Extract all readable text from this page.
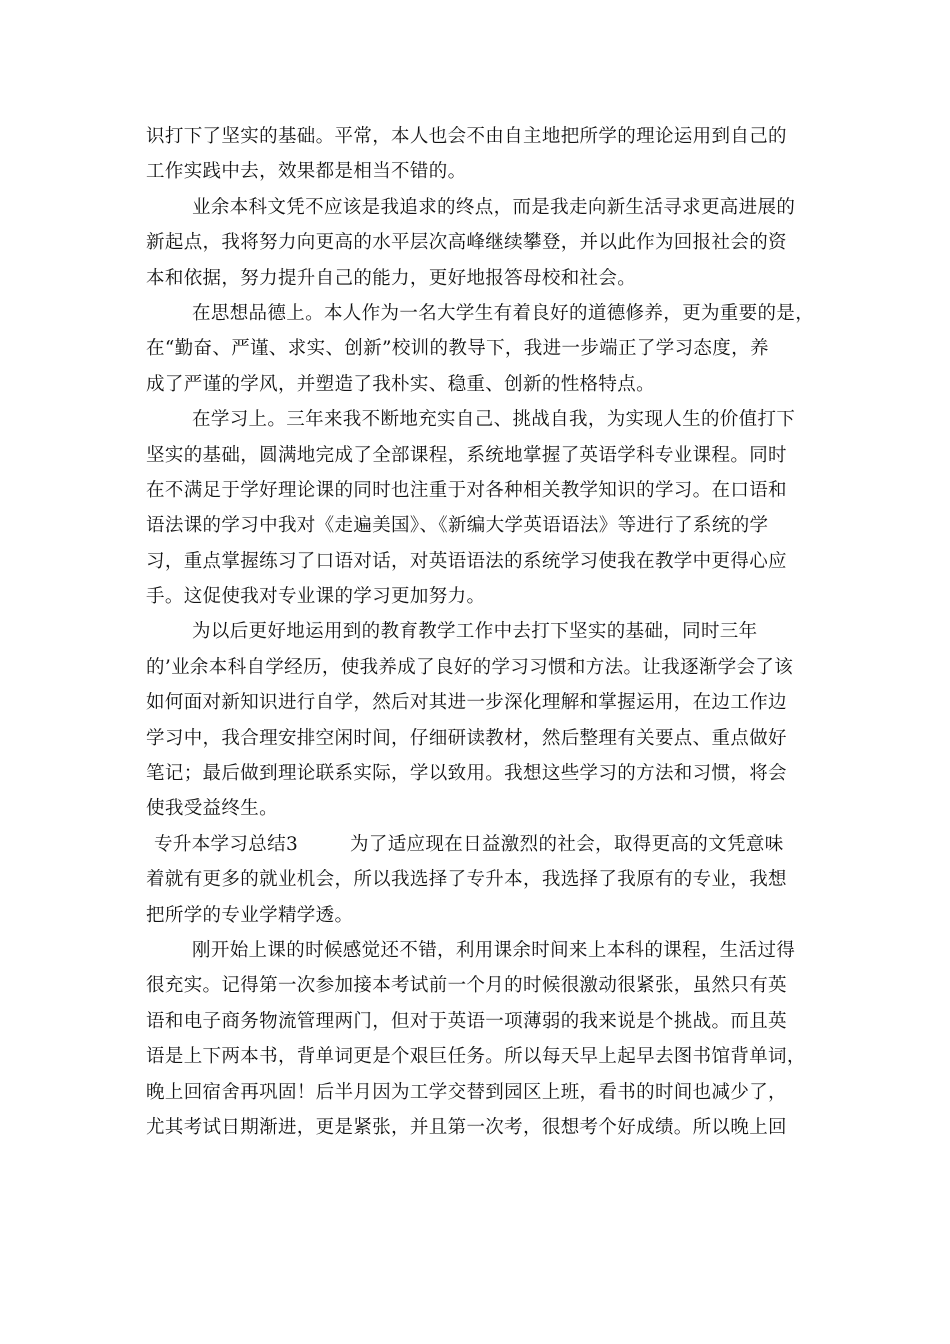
识打下了坚实的基础。平常，本人也会不由自主地把所学的理论运用到自己的
工作实践中去，效果都是相当不错的。
业余本科文凭不应该是我追求的终点，而是我走向新生活寻求更高进展的
新起点，我将努力向更高的水平层次高峰继续攀登，并以此作为回报社会的资
本和依据，努力提升自己的能力，更好地报答母校和社会。
在思想品德上。本人作为一名大学生有着良好的道德修养，更为重要的是，
在“勤奋、严谨、求实、创新”校训的教导下，我进一步端正了学习态度，养
成了严谨的学风，并塑造了我朴实、稳重、创新的性格特点。
在学习上。三年来我不断地充实自己、挑战自我，为实现人生的价值打下
坚实的基础，圆满地完成了全部课程，系统地掌握了英语学科专业课程。同时
在不满足于学好理论课的同时也注重于对各种相关教学知识的学习。在口语和
语法课的学习中我对《走遍美国》、《新编大学英语语法》等进行了系统的学
习，重点掌握练习了口语对话，对英语语法的系统学习使我在教学中更得心应
手。这促使我对专业课的学习更加努力。
为以后更好地运用到的教育教学工作中去打下坚实的基础，同时三年
的’业余本科自学经历，使我养成了良好的学习习惯和方法。让我逐渐学会了该
如何面对新知识进行自学，然后对其进一步深化理解和掌握运用，在边工作边
学习中，我合理安排空闲时间，仔细研读教材，然后整理有关要点、重点做好
笔记；最后做到理论联系实际，学以致用。我想这些学习的方法和习惯，将会
使我受益终生。
专升本学习总结3	为了适应现在日益激烈的社会，取得更高的文凭意味
着就有更多的就业机会，所以我选择了专升本，我选择了我原有的专业，我想
把所学的专业学精学透。
刚开始上课的时候感觉还不错，利用课余时间来上本科的课程，生活过得
很充实。记得第一次参加接本考试前一个月的时候很激动很紧张，虽然只有英
语和电子商务物流管理两门，但对于英语一项薄弱的我来说是个挑战。而且英
语是上下两本书，背单词更是个艰巨任务。所以每天早上起早去图书馆背单词，
晚上回宿舍再巩固！后半月因为工学交替到园区上班，看书的时间也减少了，
尤其考试日期渐进，更是紧张，并且第一次考，很想考个好成绩。所以晚上回
